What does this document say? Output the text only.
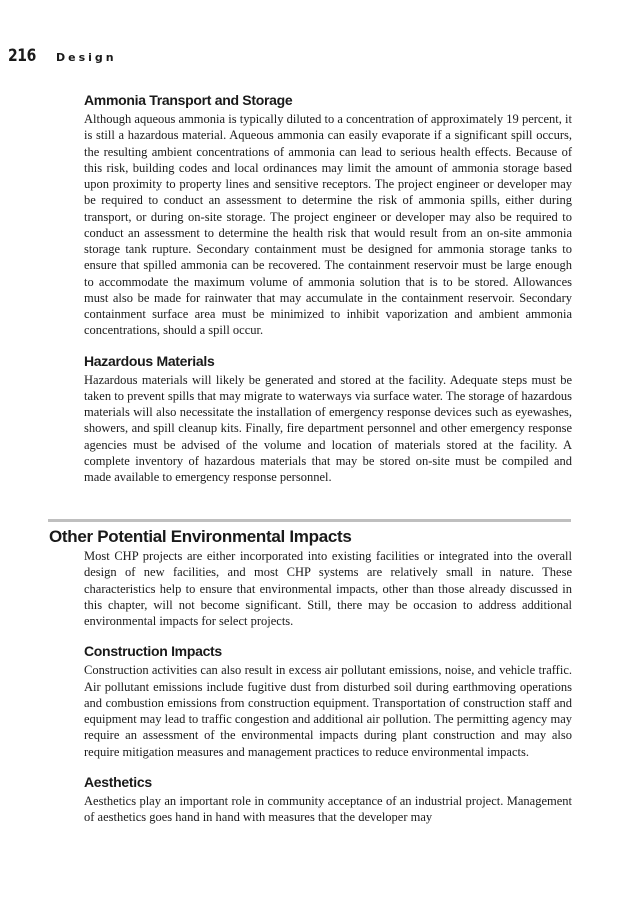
216 Design
Ammonia Transport and Storage

Although aqueous ammonia is typically diluted to a concentration of approximately 19 percent, it is still a hazardous material. Aqueous ammonia can easily evaporate if a significant spill occurs, the resulting ambient concentrations of ammonia can lead to serious health effects. Because of this risk, building codes and local ordinances may limit the amount of ammonia storage based upon proximity to property lines and sensitive receptors. The project engineer or developer may be required to conduct an assessment to determine the risk of ammonia spills, either during transport, or during on-site storage. The project engineer or developer may also be required to conduct an assessment to determine the health risk that would result from an on-site ammonia storage tank rupture. Secondary containment must be designed for ammonia storage tanks to ensure that spilled ammonia can be recovered. The containment reservoir must be large enough to accommodate the maximum volume of ammonia solution that is to be stored. Allowances must also be made for rainwater that may accumulate in the containment reservoir. Secondary containment surface area must be minimized to inhibit vaporization and ambient ammonia concentrations, should a spill occur.

Hazardous Materials

Hazardous materials will likely be generated and stored at the facility. Adequate steps must be taken to prevent spills that may migrate to waterways via surface water. The storage of hazardous materials will also necessitate the installation of emergency response devices such as eyewashes, showers, and spill cleanup kits. Finally, fire department personnel and other emergency response agencies must be advised of the volume and location of materials stored at the facility. A complete inventory of hazardous materials that may be stored on-site must be compiled and made available to emergency response personnel.

Other Potential Environmental Impacts

Most CHP projects are either incorporated into existing facilities or integrated into the overall design of new facilities, and most CHP systems are relatively small in nature. These characteristics help to ensure that environmental impacts, other than those already discussed in this chapter, will not become significant. Still, there may be occasion to address additional environmental impacts for select projects.

Construction Impacts

Construction activities can also result in excess air pollutant emissions, noise, and vehicle traffic. Air pollutant emissions include fugitive dust from disturbed soil during earthmoving operations and combustion emissions from construction equipment. Transportation of construction staff and equipment may lead to traffic congestion and additional air pollution. The permitting agency may require an assessment of the environmental impacts during plant construction and may also require mitigation measures and management practices to reduce environmental impacts.

Aesthetics

Aesthetics play an important role in community acceptance of an industrial project. Management of aesthetics goes hand in hand with measures that the developer may
